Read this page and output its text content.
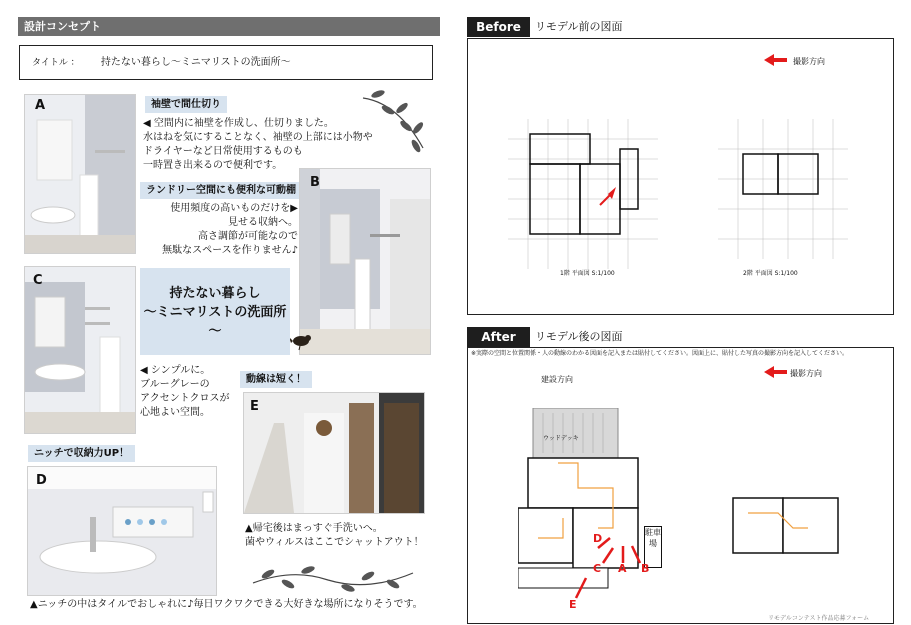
設計コンセプト
タイトル ： 持たない暮らし～ミニマリストの洗面所～
A	袖壁で間仕切り
◀ 空間内に袖壁を作成し、仕切りました。
水はねを気にすることなく、袖壁の上部には小物や
ドライヤーなど日常使用するものも
一時置き出来るので便利です。
ランドリー空間にも便利な可動棚
使用頻度の高いものだけを▶
見せる収納へ。
高さ調節が可能なので
無駄なスペースを作りません♪
B
C
持たない暮らし
～ミニマリストの洗面所～
◀ シンプルに。
ブルーグレーの
アクセントクロスが
心地よい空間。
動線は短く！
E
▲帰宅後はまっすぐ手洗いへ。
菌やウィルスはここでシャットアウト！
ニッチで収納力UP！
D
▲ニッチの中はタイルでおしゃれに♪毎日ワクワクできる大好きな場所になりそうです。
Before	リモデル前の図面
撮影方向
1階 平面図 S:1/100	2階 平面図 S:1/100
After	リモデル後の図面
※実際の空間と位置関係・人の動線のわかる図面を記入または貼付してください。図面上に、貼付した写真の撮影方向を記入してください。
撮影方向
建設方向
ウッドデッキ
駐車場
D
C A B
E
リモデルコンテスト作品応募フォーム
